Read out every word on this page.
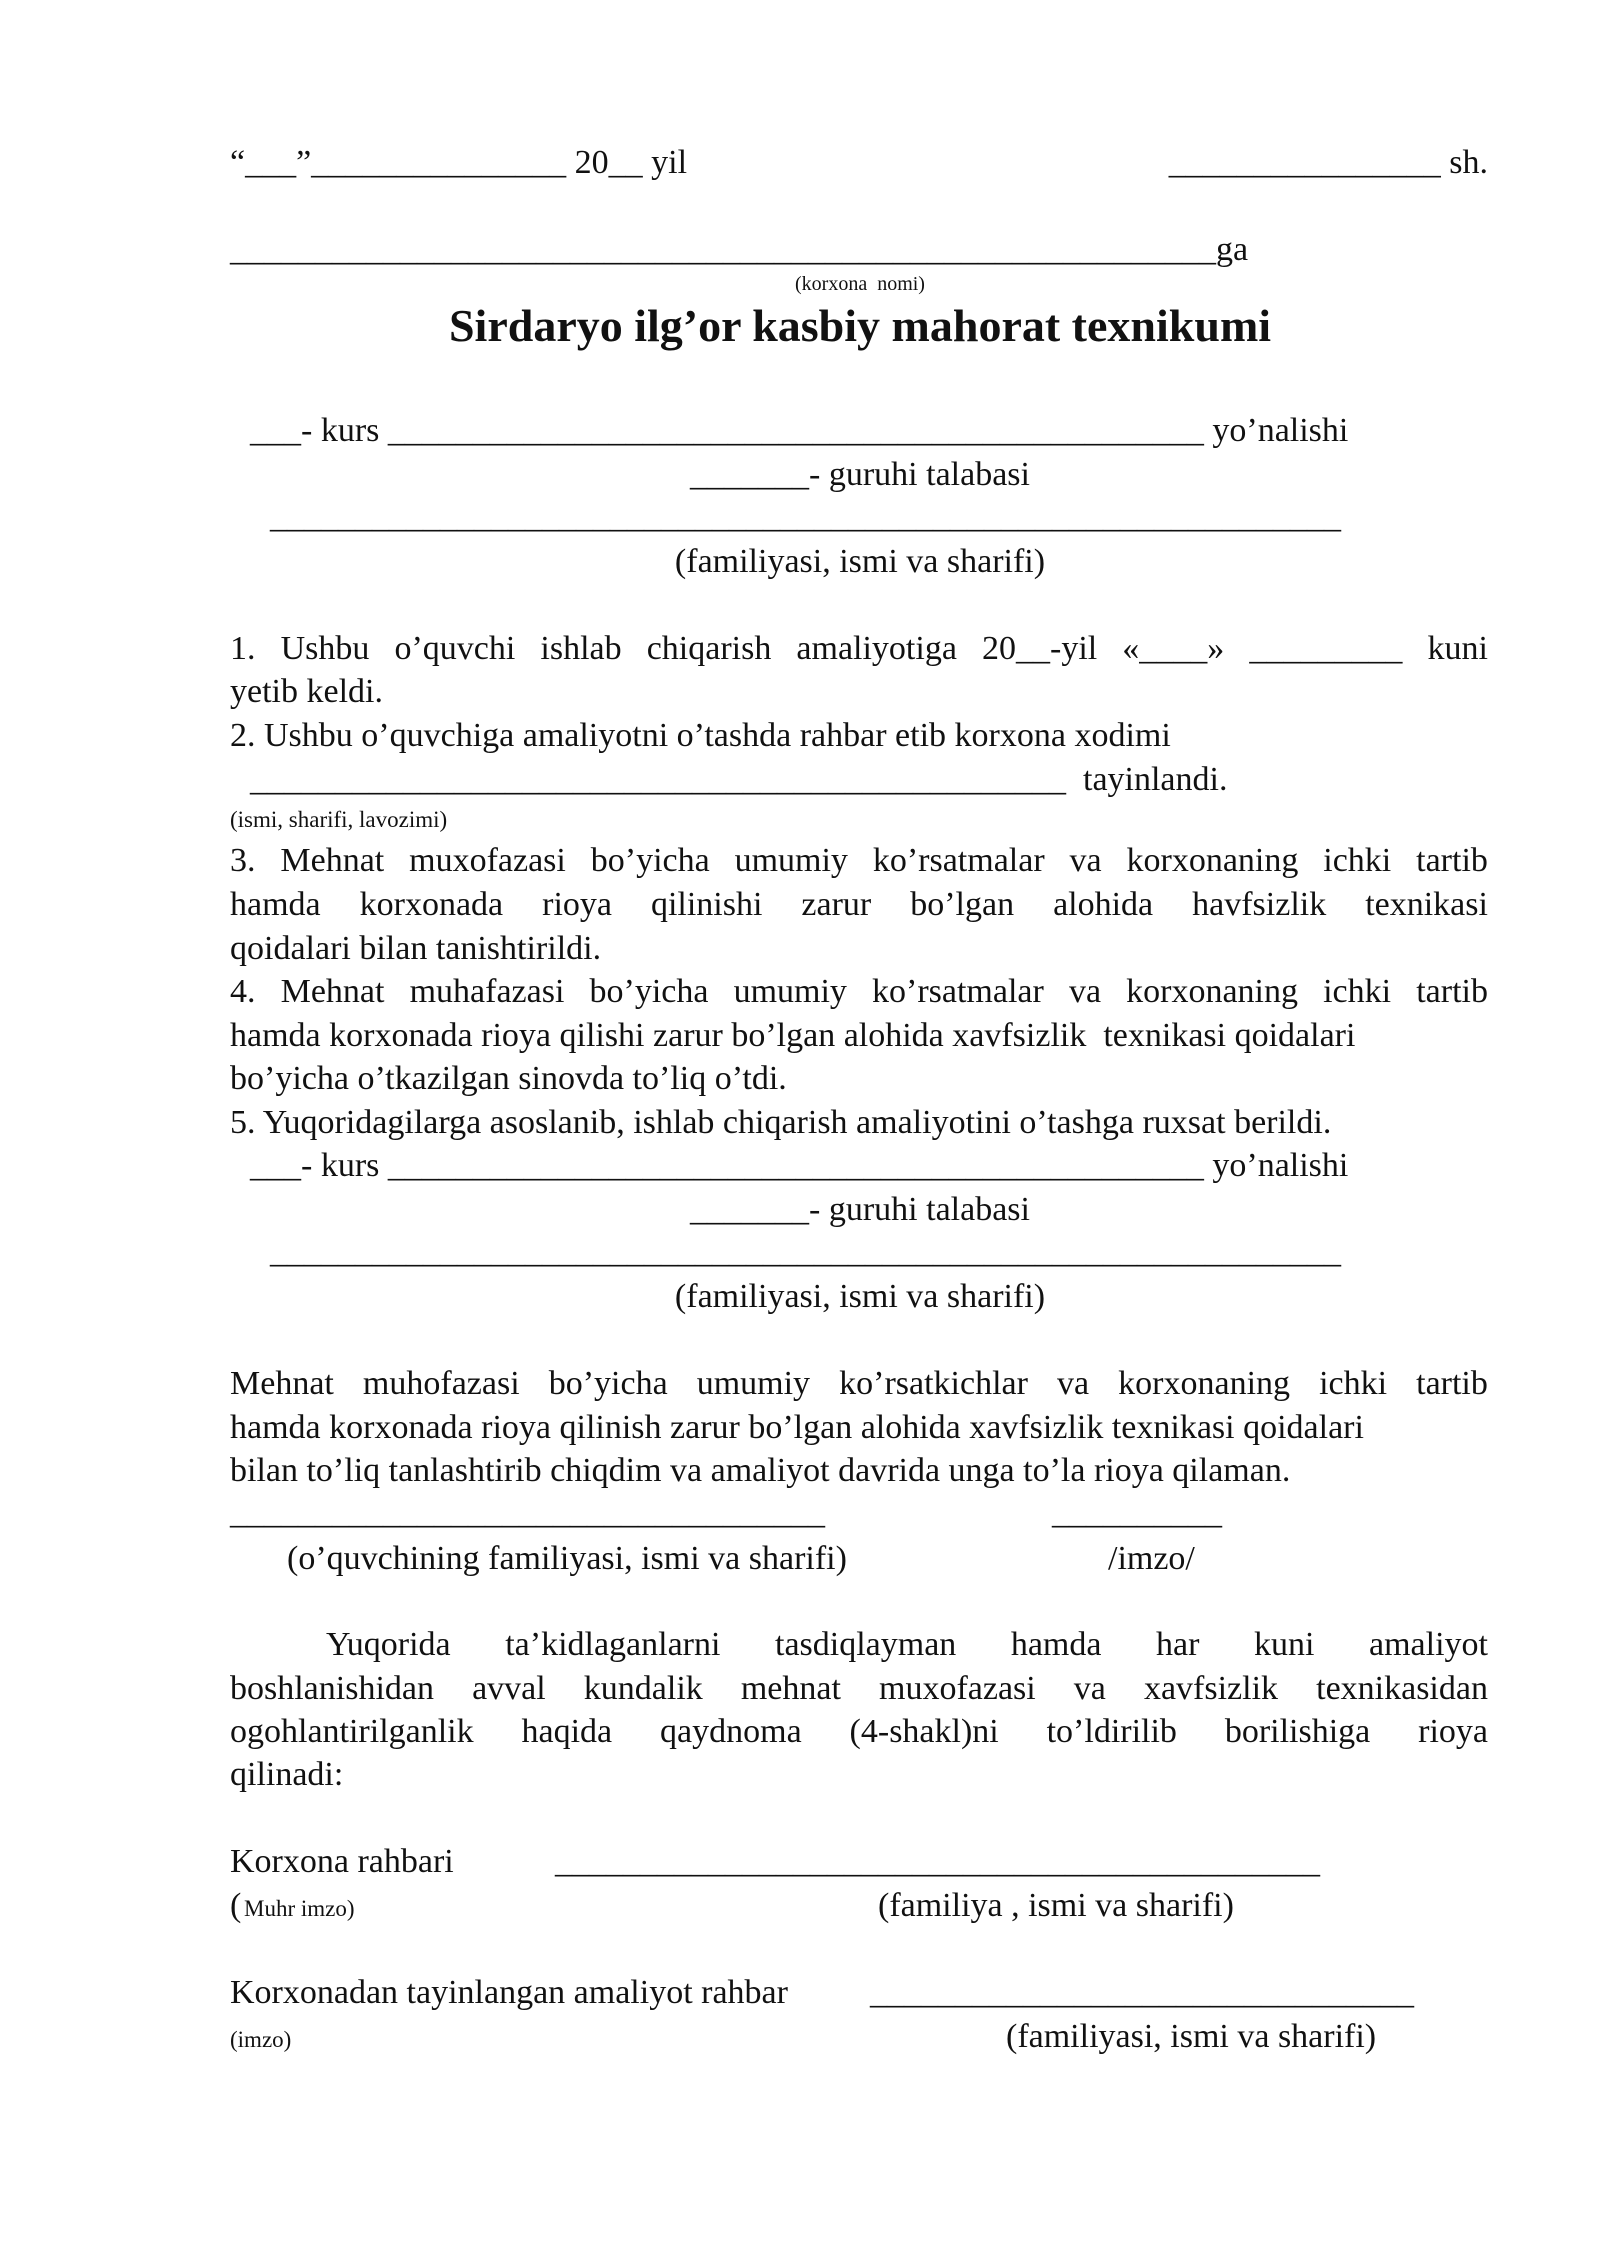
“___”_______________ 20__ yil	________________ sh.
__________________________________________________________ga
(korxona  nomi)
Sirdaryo ilg’or kasbiy mahorat texnikumi
___- kurs ________________________________________________ yo’nalishi
_______- guruhi talabasi
_______________________________________________________________
(familiyasi, ismi va sharifi)
1. Ushbu o’quvchi ishlab chiqarish amaliyotiga 20__-yil «____» _________ kuni
yetib keldi.
2. Ushbu o’quvchiga amaliyotni o’tashda rahbar etib korxona xodimi
________________________________________________  tayinlandi.
(ismi, sharifi, lavozimi)
3. Mehnat muxofazasi bo’yicha umumiy ko’rsatmalar va korxonaning ichki tartib
hamda korxonada rioya qilinishi zarur bo’lgan alohida havfsizlik texnikasi
qoidalari bilan tanishtirildi.
4. Mehnat muhafazasi bo’yicha umumiy ko’rsatmalar va korxonaning ichki tartib
hamda korxonada rioya qilishi zarur bo’lgan alohida xavfsizlik  texnikasi qoidalari
bo’yicha o’tkazilgan sinovda to’liq o’tdi.
5. Yuqoridagilarga asoslanib, ishlab chiqarish amaliyotini o’tashga ruxsat berildi.
___- kurs ________________________________________________ yo’nalishi
_______- guruhi talabasi
_______________________________________________________________
(familiyasi, ismi va sharifi)
Mehnat muhofazasi bo’yicha umumiy ko’rsatkichlar va korxonaning ichki tartib
hamda korxonada rioya qilinish zarur bo’lgan alohida xavfsizlik texnikasi qoidalari
bilan to’liq tanlashtirib chiqdim va amaliyot davrida unga to’la rioya qilaman.
___________________________________	__________
(o’quvchining familiyasi, ismi va sharifi)	/imzo/
Yuqorida ta’kidlaganlarni tasdiqlayman hamda har kuni amaliyot
boshlanishidan avval kundalik mehnat muxofazasi va xavfsizlik texnikasidan
ogohlantirilganlik haqida qaydnoma (4-shakl)ni to’ldirilib borilishiga rioya
qilinadi:
Korxona rahbari	_____________________________________________
( Muhr imzo)	(familiya , ismi va sharifi)
Korxonadan tayinlangan amaliyot rahbar ________________________________
(imzo)	(familiyasi, ismi va sharifi)
